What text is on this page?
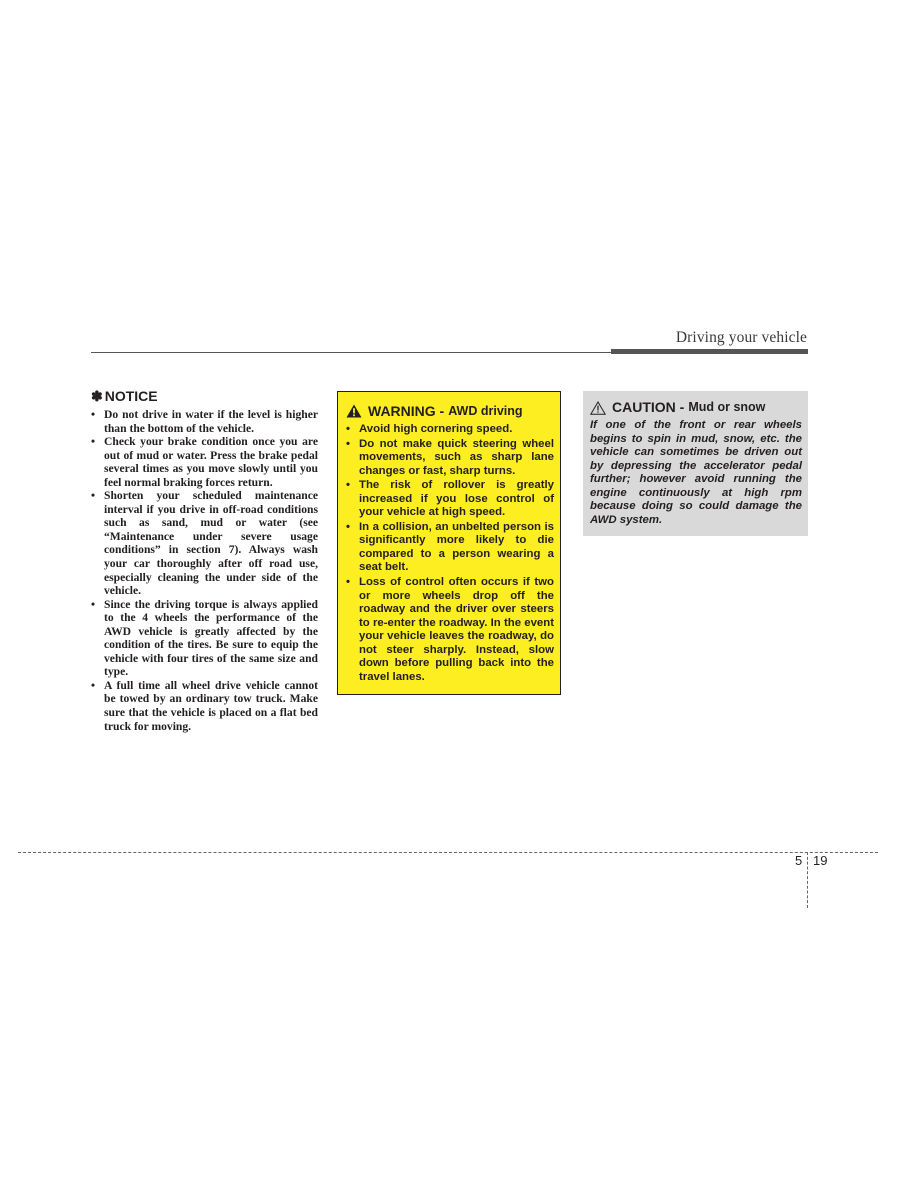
Driving your vehicle
✽ NOTICE
• Do not drive in water if the level is higher than the bottom of the vehicle.
• Check your brake condition once you are out of mud or water. Press the brake pedal several times as you move slowly until you feel normal braking forces return.
• Shorten your scheduled maintenance interval if you drive in off-road conditions such as sand, mud or water (see “Maintenance under severe usage conditions” in section 7). Always wash your car thoroughly after off road use, especially cleaning the under side of the vehicle.
• Since the driving torque is always applied to the 4 wheels the performance of the AWD vehicle is greatly affected by the condition of the tires. Be sure to equip the vehicle with four tires of the same size and type.
• A full time all wheel drive vehicle cannot be towed by an ordinary tow truck. Make sure that the vehicle is placed on a flat bed truck for moving.
WARNING - AWD driving
• Avoid high cornering speed.
• Do not make quick steering wheel movements, such as sharp lane changes or fast, sharp turns.
• The risk of rollover is greatly increased if you lose control of your vehicle at high speed.
• In a collision, an unbelted person is significantly more likely to die compared to a person wearing a seat belt.
• Loss of control often occurs if two or more wheels drop off the roadway and the driver over steers to re-enter the roadway. In the event your vehicle leaves the roadway, do not steer sharply. Instead, slow down before pulling back into the travel lanes.
CAUTION - Mud or snow

If one of the front or rear wheels begins to spin in mud, snow, etc. the vehicle can sometimes be driven out by depressing the accelerator pedal further; however avoid running the engine continuously at high rpm because doing so could damage the AWD system.

5 19
